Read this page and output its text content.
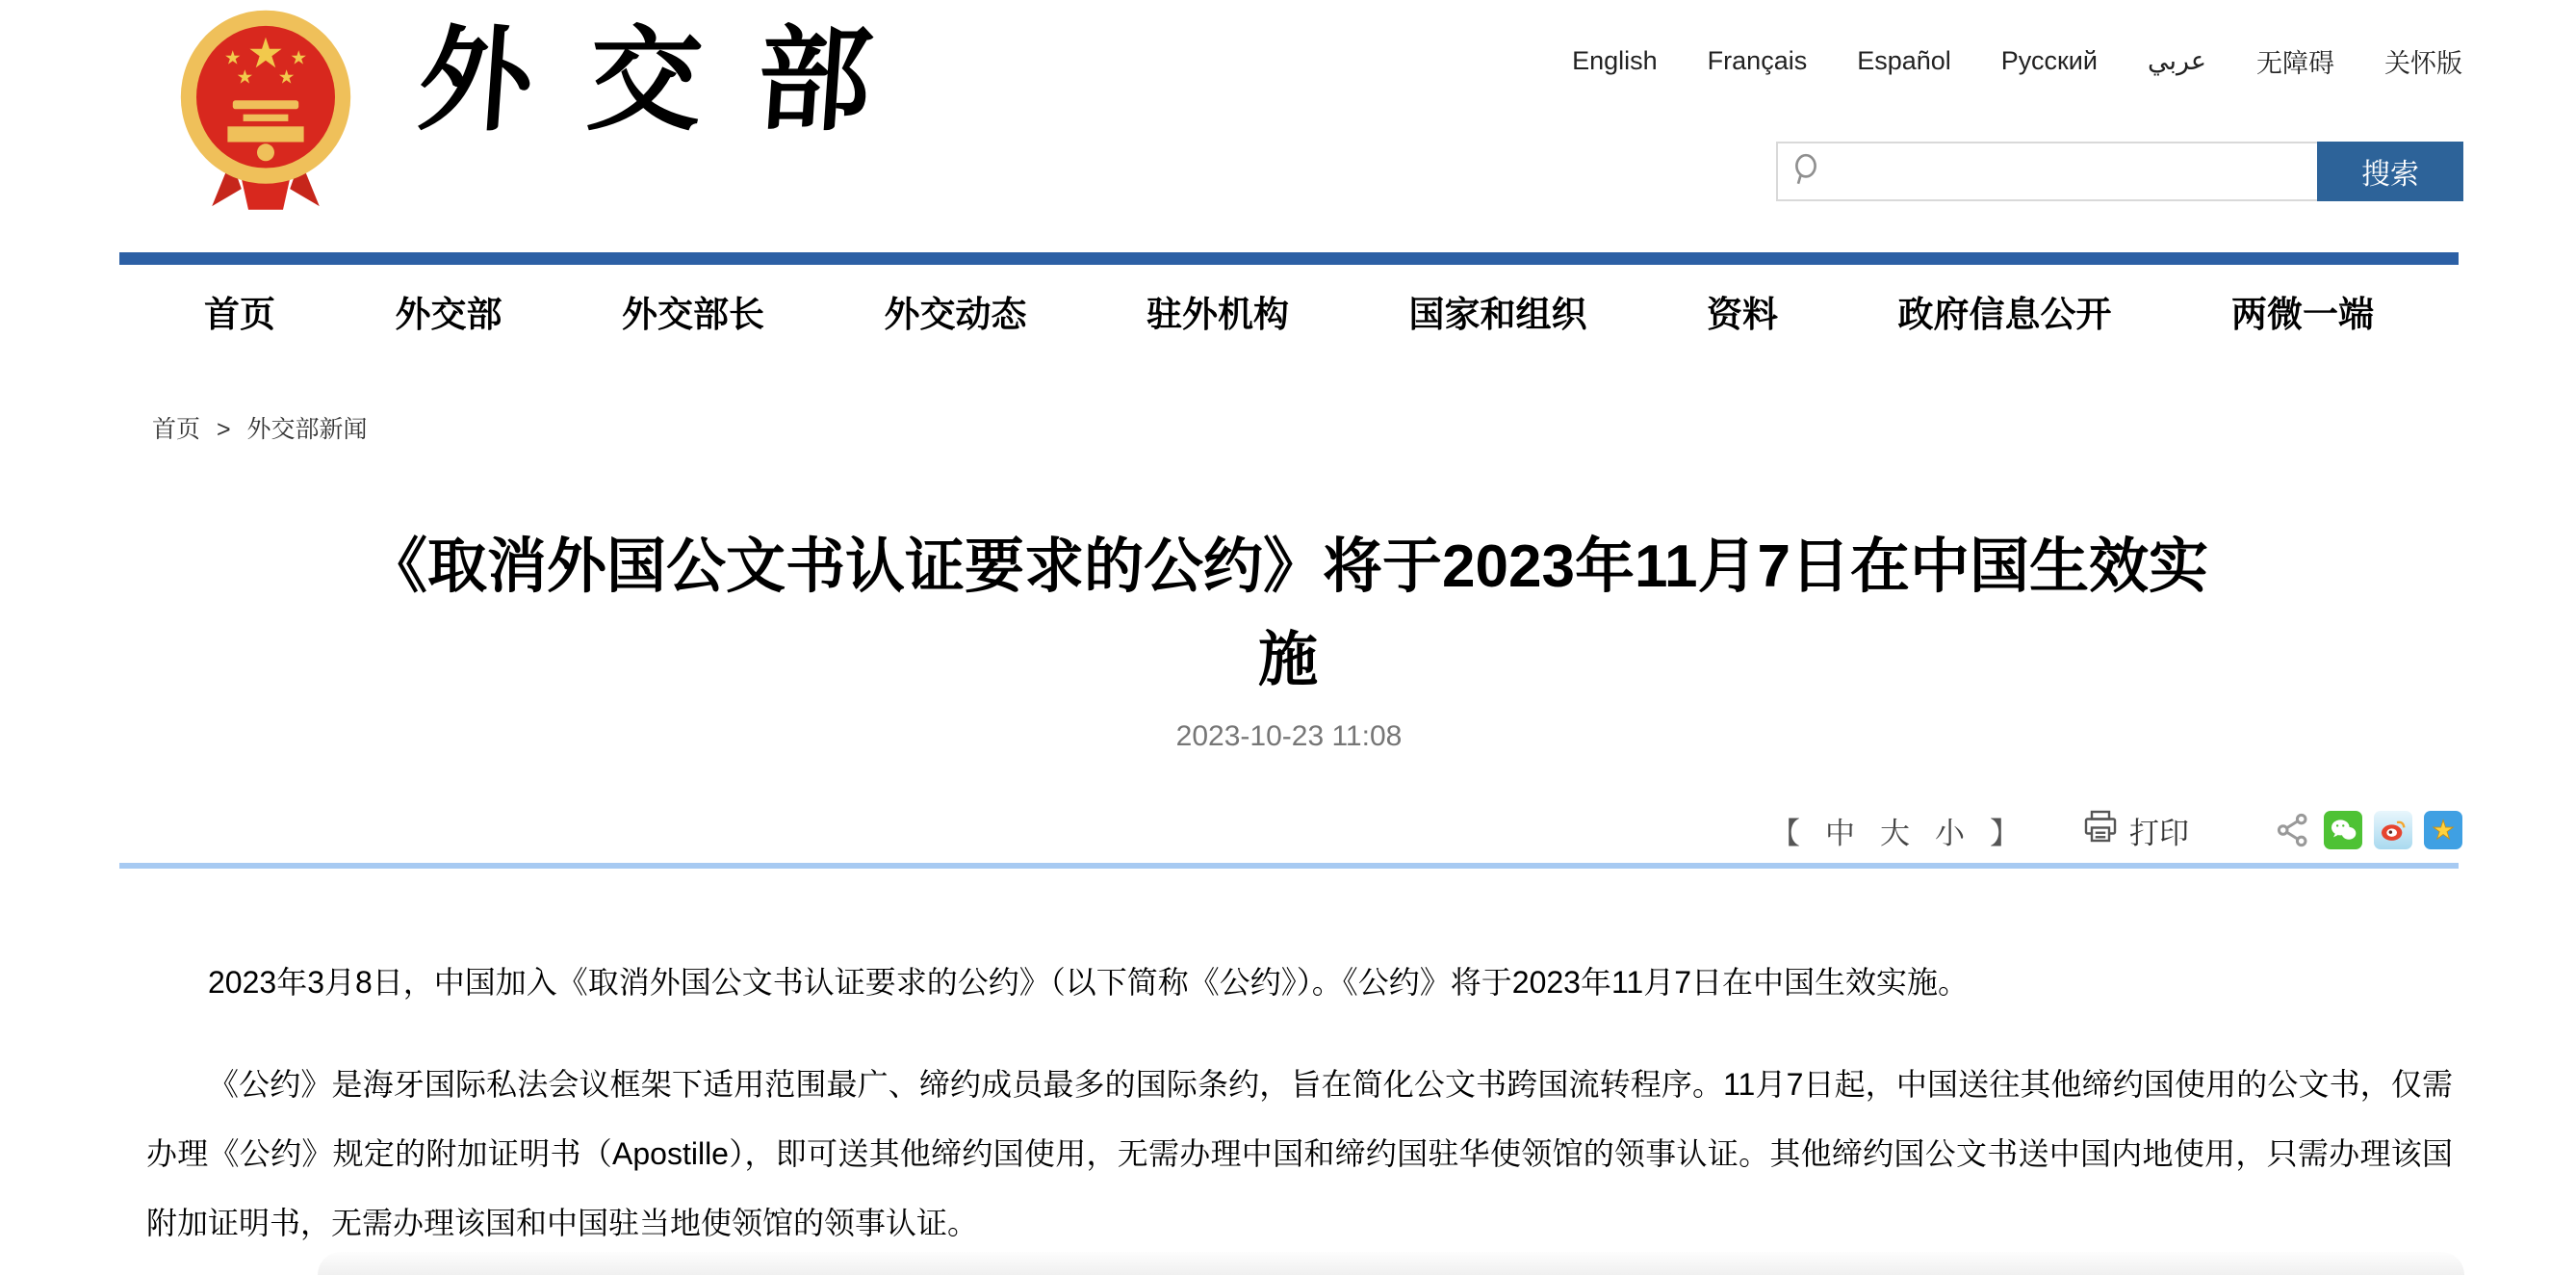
★
★	★
★ ★ 外交部	English Français Español Русский عربي 无障碍 关怀版
搜索
首页	外交部	外交部长	外交动态	驻外机构	国家和组织	资料	政府信息公开	两微一端
首页 > 外交部新闻
《取消外国公文书认证要求的公约》将于2023年11月7日在中国生效实施
2023-10-23 11:08
【 中 大 小 】	打印	★

2023年3月8日，中国加入《取消外国公文书认证要求的公约》（以下简称《公约》）。《公约》将于2023年11月7日在中国生效实施。

《公约》是海牙国际私法会议框架下适用范围最广、缔约成员最多的国际条约，旨在简化公文书跨国流转程序。11月7日起，中国送往其他缔约国使用的公文书，仅需办理《公约》规定的附加证明书（Apostille），即可送其他缔约国使用，无需办理中国和缔约国驻华使领馆的领事认证。其他缔约国公文书送中国内地使用，只需办理该国附加证明书，无需办理该国和中国驻当地使领馆的领事认证。
